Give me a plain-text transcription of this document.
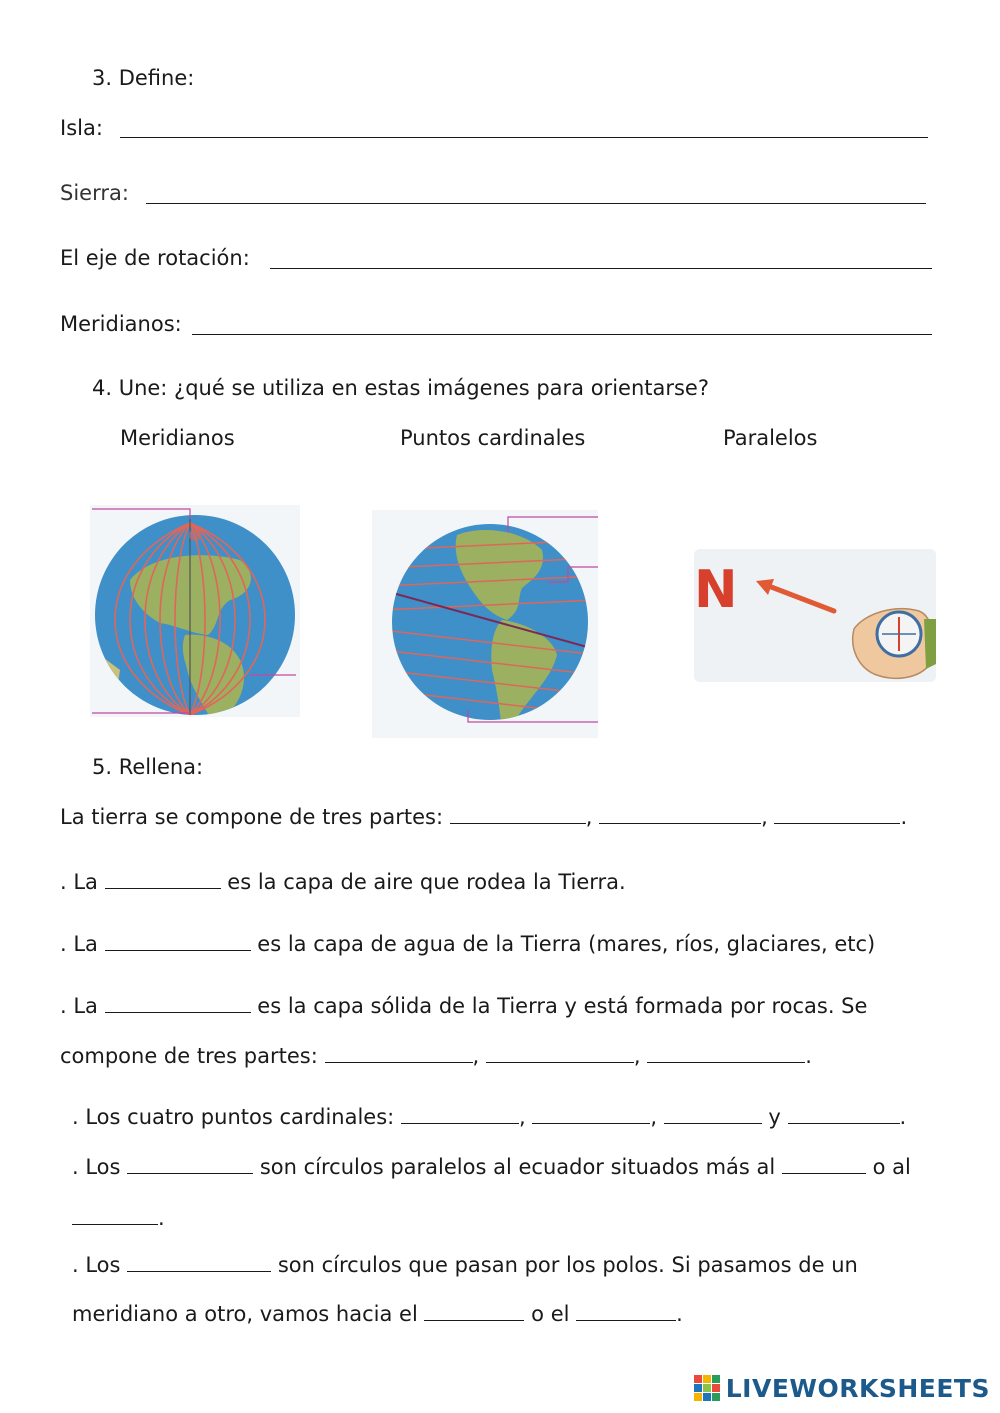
3. Define:
Isla:
Sierra:
El eje de rotación:
Meridianos:
4. Une: ¿qué se utiliza en estas imágenes para orientarse?
Meridianos	Puntos cardinales	Paralelos
N
5. Rellena:
La tierra se compone de tres partes:	,	,	.
. La	es la capa de aire que rodea la Tierra.
. La	es la capa de agua de la Tierra (mares, ríos, glaciares, etc)
. La	es la capa sólida de la Tierra y está formada por rocas. Se
compone de tres partes:	,	,	.
. Los cuatro puntos cardinales:	,	,	y	.
. Los	son círculos paralelos al ecuador situados más al	o al
.
. Los	son círculos que pasan por los polos. Si pasamos de un
meridiano a otro, vamos hacia el	o el	.
LIVEWORKSHEETS
